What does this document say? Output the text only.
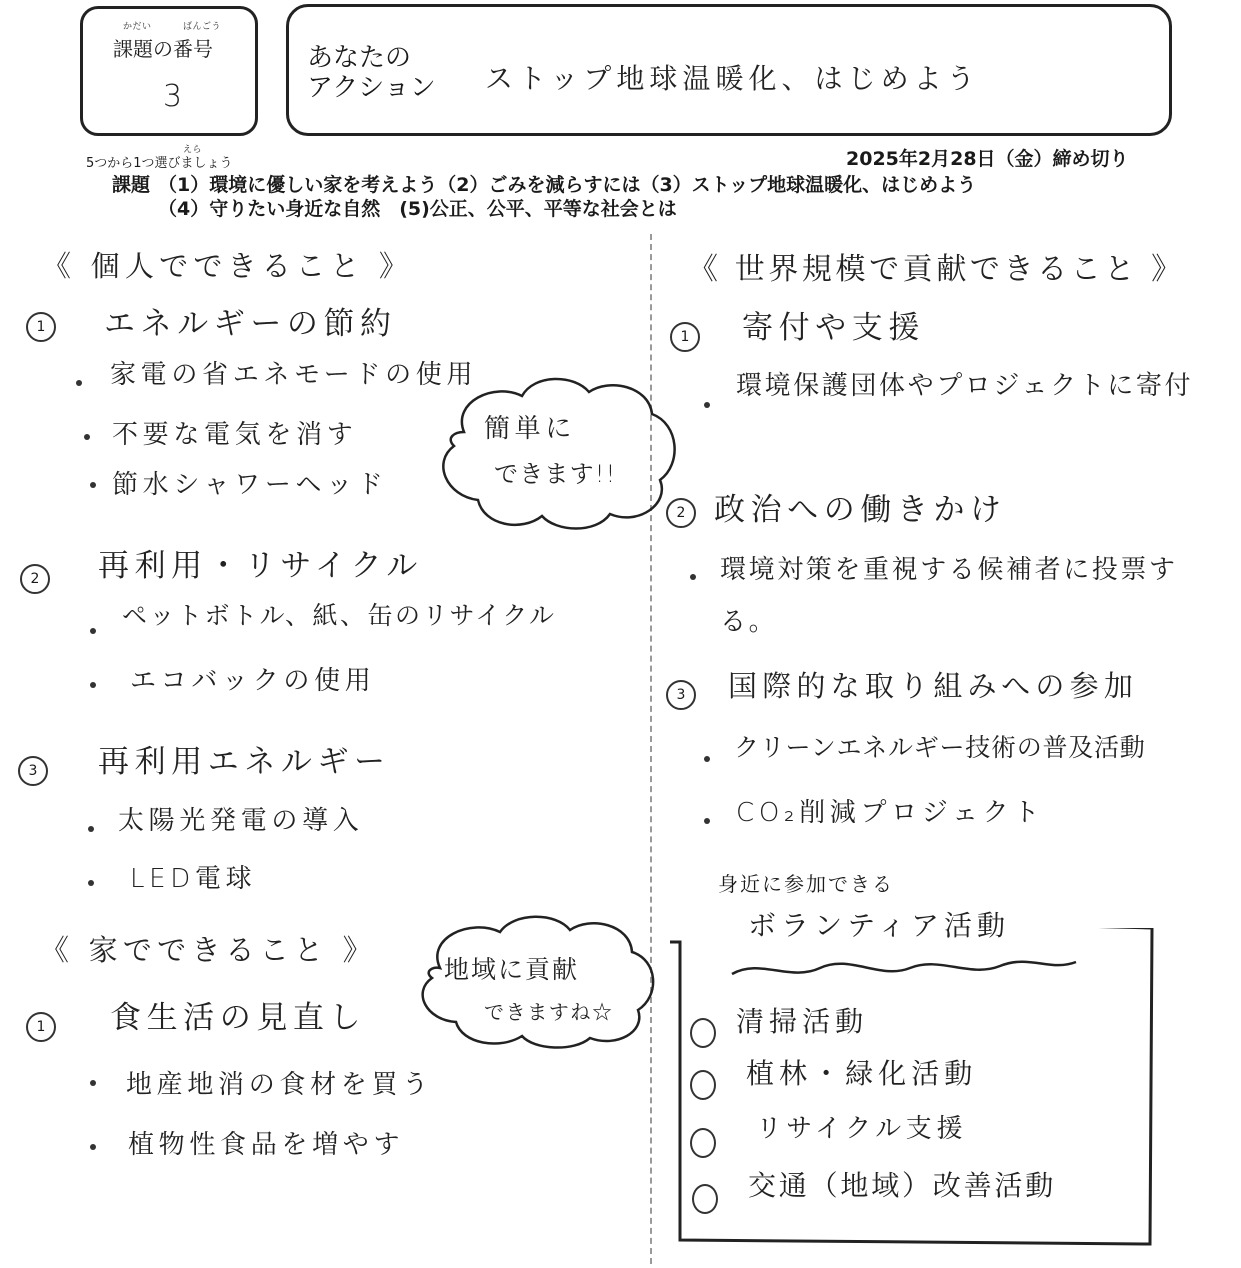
かだい	ばんごう
課題の番号
3
あなたの
アクション ストップ地球温暖化、はじめよう
えら
5つから1つ選びましょう	2025年2月28日（金）締め切り
課題 （1）環境に優しい家を考えよう（2）ごみを減らすには（3）ストップ地球温暖化、はじめよう
（4）守りたい身近な自然　(5)公正、公平、平等な社会とは
《 個人でできること 》
1	エネルギーの節約
家電の省エネモードの使用
不要な電気を消す
節水シャワーヘッド
簡単に
できます!!
2	再利用・リサイクル
ペットボトル、紙、缶のリサイクル
エコバックの使用
3	再利用エネルギー
太陽光発電の導入
LED電球
《 家でできること 》
地域に貢献
できますね☆
1	食生活の見直し
地産地消の食材を買う
植物性食品を増やす
《 世界規模で貢献できること 》
1	寄付や支援
環境保護団体やプロジェクトに寄付
2 政治への働きかけ
環境対策を重視する候補者に投票する。
3	国際的な取り組みへの参加
クリーンエネルギー技術の普及活動
CO₂削減プロジェクト
身近に参加できる
ボランティア活動
清掃活動
植林・緑化活動
リサイクル支援
交通（地域）改善活動
